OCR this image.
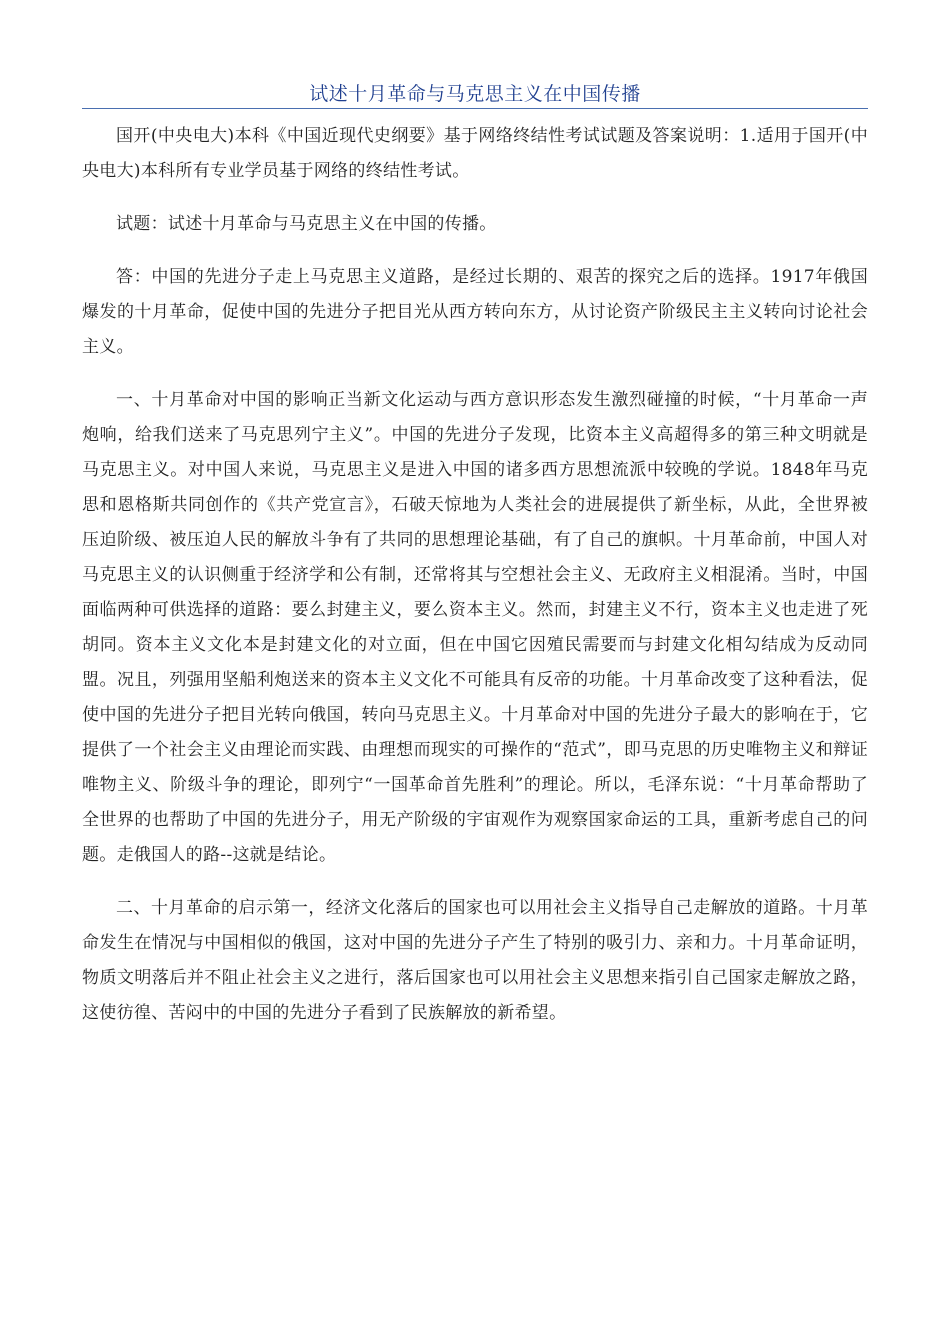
试述十月革命与马克思主义在中国传播

国开(中央电大)本科《中国近现代史纲要》基于网络终结性考试试题及答案说明：1.适用于国开(中央电大)本科所有专业学员基于网络的终结性考试。

试题：试述十月革命与马克思主义在中国的传播。

答：中国的先进分子走上马克思主义道路，是经过长期的、艰苦的探究之后的选择。1917年俄国爆发的十月革命，促使中国的先进分子把目光从西方转向东方，从讨论资产阶级民主主义转向讨论社会主义。

一、十月革命对中国的影响正当新文化运动与西方意识形态发生激烈碰撞的时候，“十月革命一声炮响，给我们送来了马克思列宁主义”。中国的先进分子发现，比资本主义高超得多的第三种文明就是马克思主义。对中国人来说，马克思主义是进入中国的诸多西方思想流派中较晚的学说。1848年马克思和恩格斯共同创作的《共产党宣言》，石破天惊地为人类社会的进展提供了新坐标，从此，全世界被压迫阶级、被压迫人民的解放斗争有了共同的思想理论基础，有了自己的旗帜。十月革命前，中国人对马克思主义的认识侧重于经济学和公有制，还常将其与空想社会主义、无政府主义相混淆。当时，中国面临两种可供选择的道路：要么封建主义，要么资本主义。然而，封建主义不行，资本主义也走进了死胡同。资本主义文化本是封建文化的对立面，但在中国它因殖民需要而与封建文化相勾结成为反动同盟。况且，列强用坚船利炮送来的资本主义文化不可能具有反帝的功能。十月革命改变了这种看法，促使中国的先进分子把目光转向俄国，转向马克思主义。十月革命对中国的先进分子最大的影响在于，它提供了一个社会主义由理论而实践、由理想而现实的可操作的“范式”，即马克思的历史唯物主义和辩证唯物主义、阶级斗争的理论，即列宁“一国革命首先胜利”的理论。所以，毛泽东说：“十月革命帮助了全世界的也帮助了中国的先进分子，用无产阶级的宇宙观作为观察国家命运的工具，重新考虑自己的问题。走俄国人的路--这就是结论。

二、十月革命的启示第一，经济文化落后的国家也可以用社会主义指导自己走解放的道路。十月革命发生在情况与中国相似的俄国，这对中国的先进分子产生了特别的吸引力、亲和力。十月革命证明，物质文明落后并不阻止社会主义之进行，落后国家也可以用社会主义思想来指引自己国家走解放之路，这使彷徨、苦闷中的中国的先进分子看到了民族解放的新希望。
